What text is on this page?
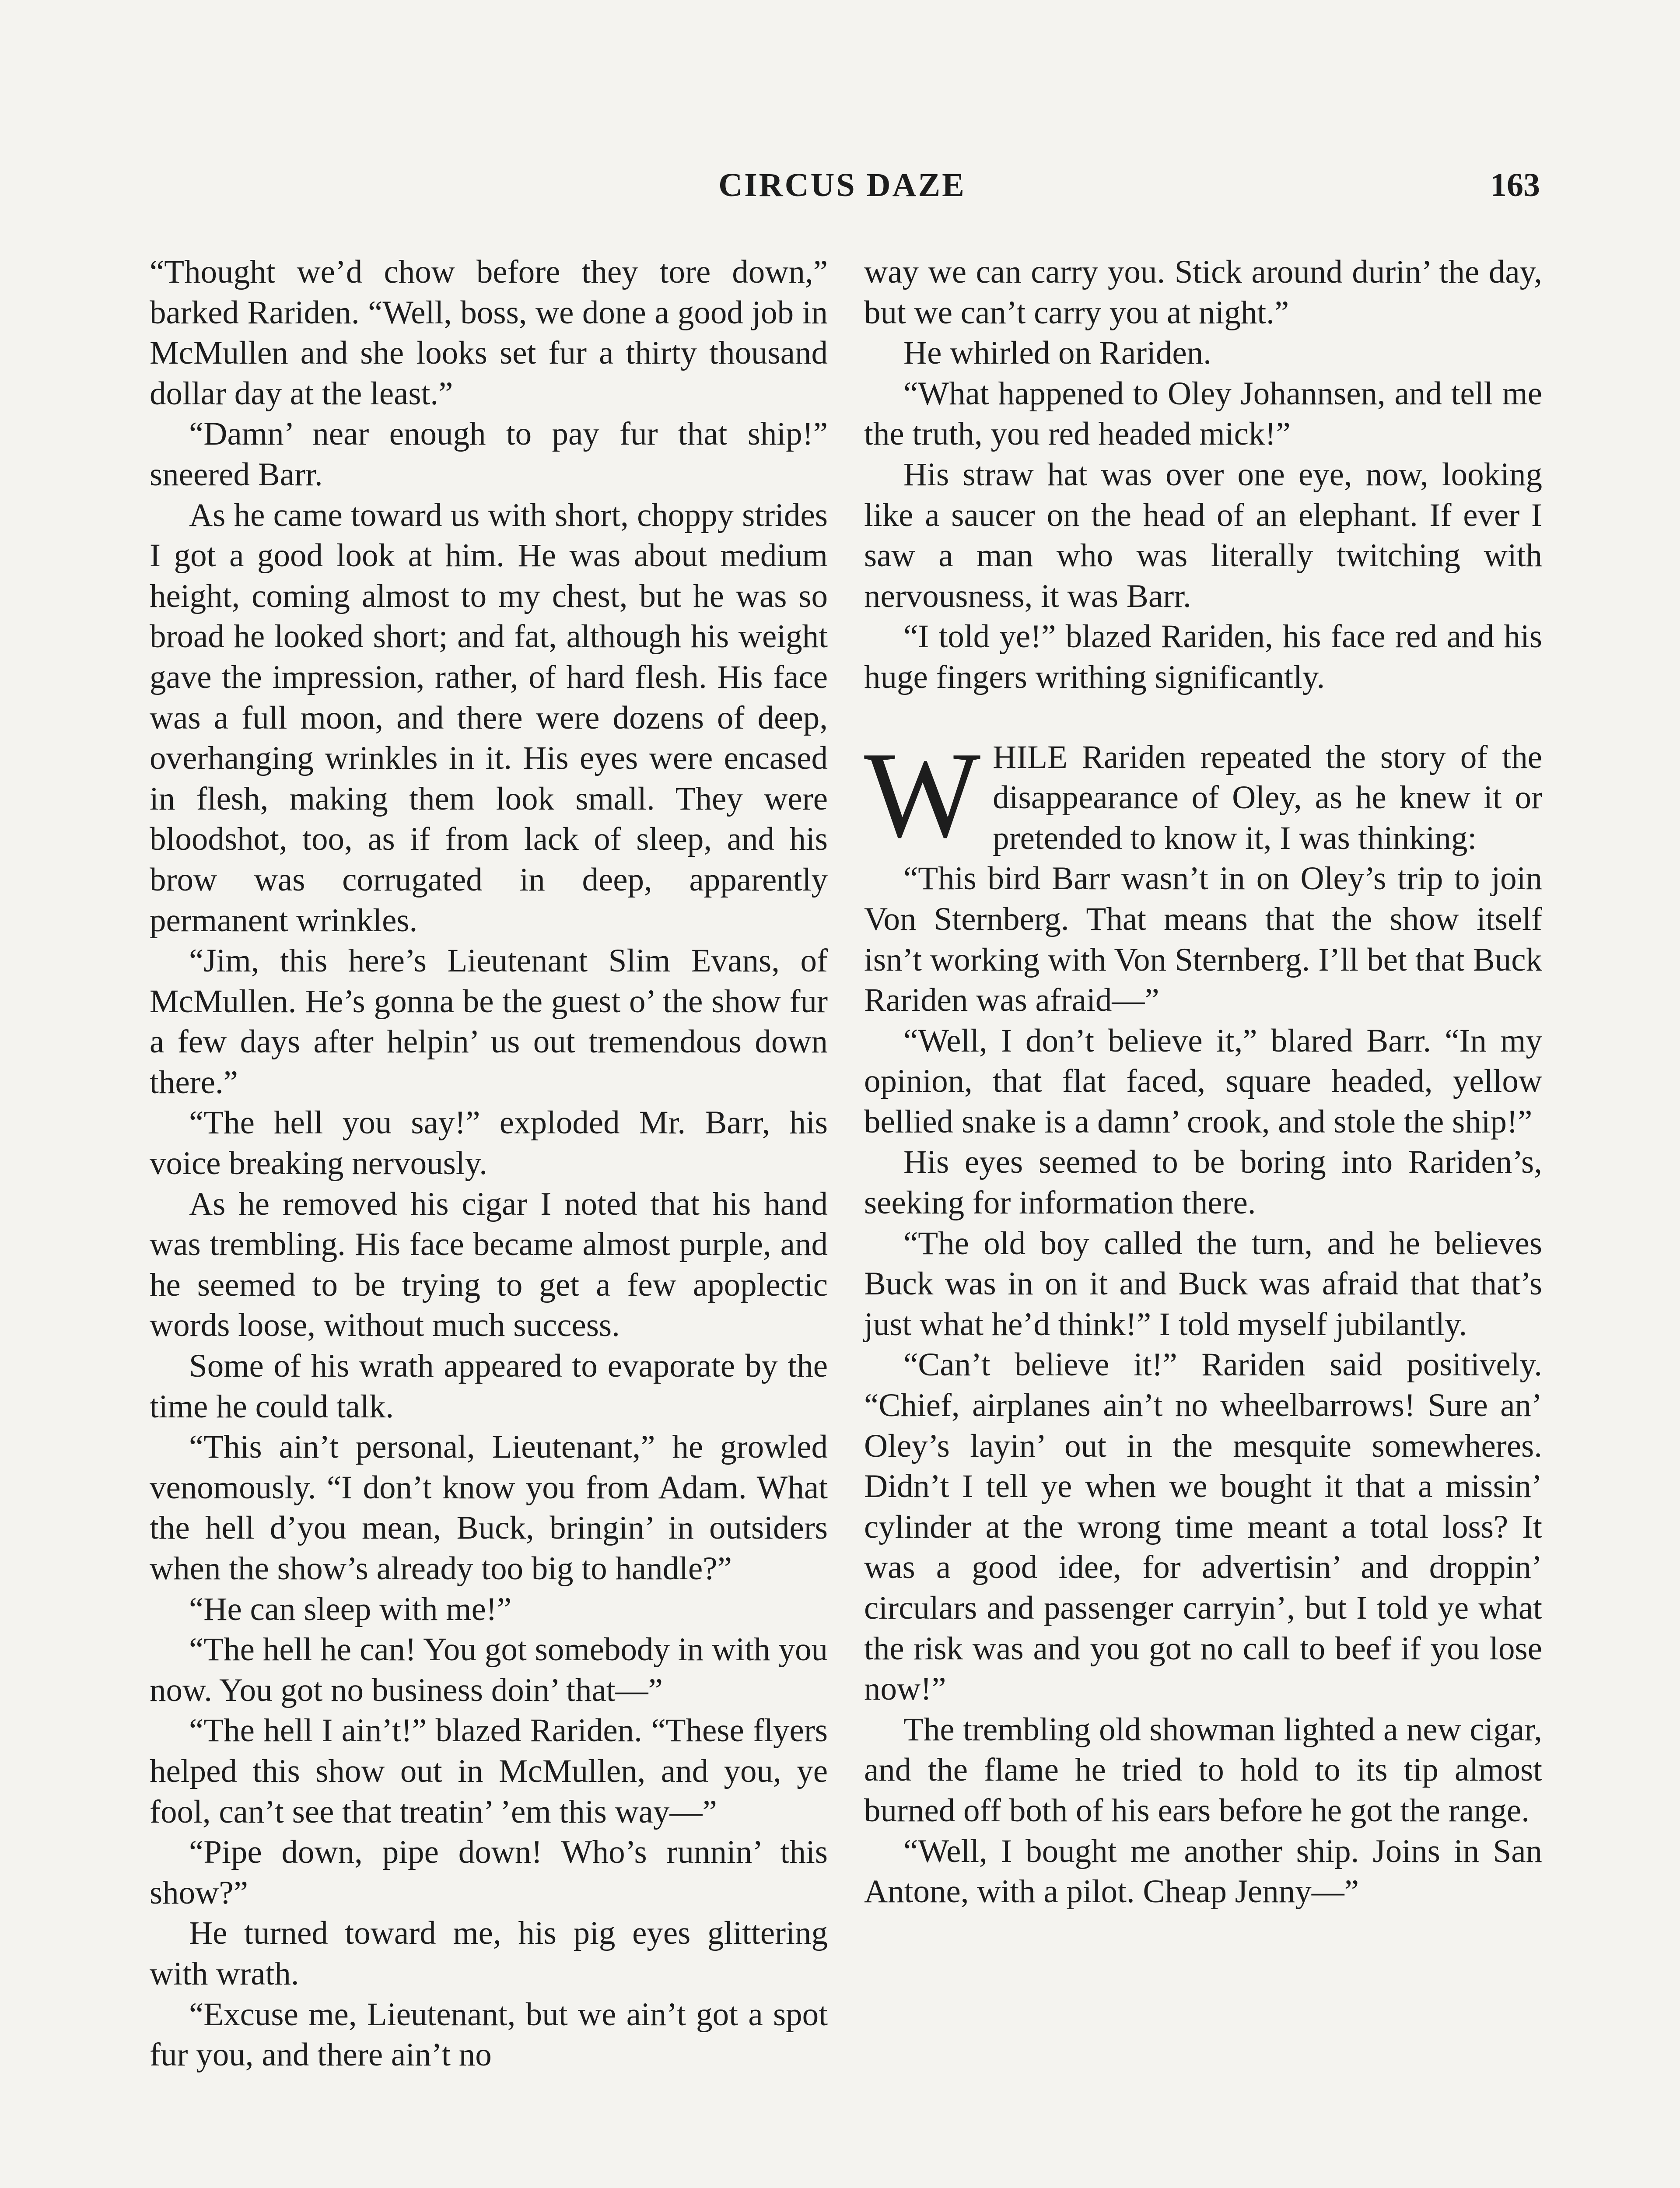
CIRCUS DAZE	163

“Thought we’d chow before they tore down,” barked Rariden. “Well, boss, we done a good job in McMullen and she looks set fur a thirty thousand dollar day at the least.”

“Damn’ near enough to pay fur that ship!” sneered Barr.

As he came toward us with short, choppy strides I got a good look at him. He was about medium height, coming almost to my chest, but he was so broad he looked short; and fat, although his weight gave the impression, rather, of hard flesh. His face was a full moon, and there were dozens of deep, overhanging wrinkles in it. His eyes were encased in flesh, making them look small. They were bloodshot, too, as if from lack of sleep, and his brow was corrugated in deep, apparently permanent wrinkles.

“Jim, this here’s Lieutenant Slim Evans, of McMullen. He’s gonna be the guest o’ the show fur a few days after helpin’ us out tremendous down there.”

“The hell you say!” exploded Mr. Barr, his voice breaking nervously.

As he removed his cigar I noted that his hand was trembling. His face became almost purple, and he seemed to be trying to get a few apoplectic words loose, without much success.

Some of his wrath appeared to evaporate by the time he could talk.

“This ain’t personal, Lieutenant,” he growled venomously. “I don’t know you from Adam. What the hell d’you mean, Buck, bringin’ in outsiders when the show’s already too big to handle?”

“He can sleep with me!”

“The hell he can! You got somebody in with you now. You got no business doin’ that—”

“The hell I ain’t!” blazed Rariden. “These flyers helped this show out in McMullen, and you, ye fool, can’t see that treatin’ ’em this way—”

“Pipe down, pipe down! Who’s runnin’ this show?”

He turned toward me, his pig eyes glittering with wrath.

“Excuse me, Lieutenant, but we ain’t got a spot fur you, and there ain’t no

way we can carry you. Stick around durin’ the day, but we can’t carry you at night.”

He whirled on Rariden.

“What happened to Oley Johannsen, and tell me the truth, you red headed mick!”

His straw hat was over one eye, now, looking like a saucer on the head of an elephant. If ever I saw a man who was literally twitching with nervousness, it was Barr.

“I told ye!” blazed Rariden, his face red and his huge fingers writhing significantly.

WHILE Rariden repeated the story of the disappearance of Oley, as he knew it or pretended to know it, I was thinking:

“This bird Barr wasn’t in on Oley’s trip to join Von Sternberg. That means that the show itself isn’t working with Von Sternberg. I’ll bet that Buck Rariden was afraid—”

“Well, I don’t believe it,” blared Barr. “In my opinion, that flat faced, square headed, yellow bellied snake is a damn’ crook, and stole the ship!”

His eyes seemed to be boring into Rariden’s, seeking for information there.

“The old boy called the turn, and he believes Buck was in on it and Buck was afraid that that’s just what he’d think!” I told myself jubilantly.

“Can’t believe it!” Rariden said positively. “Chief, airplanes ain’t no wheelbarrows! Sure an’ Oley’s layin’ out in the mesquite somewheres. Didn’t I tell ye when we bought it that a missin’ cylinder at the wrong time meant a total loss? It was a good idee, for advertisin’ and droppin’ circulars and passenger carryin’, but I told ye what the risk was and you got no call to beef if you lose now!”

The trembling old showman lighted a new cigar, and the flame he tried to hold to its tip almost burned off both of his ears before he got the range.

“Well, I bought me another ship. Joins in San Antone, with a pilot. Cheap Jenny—”
